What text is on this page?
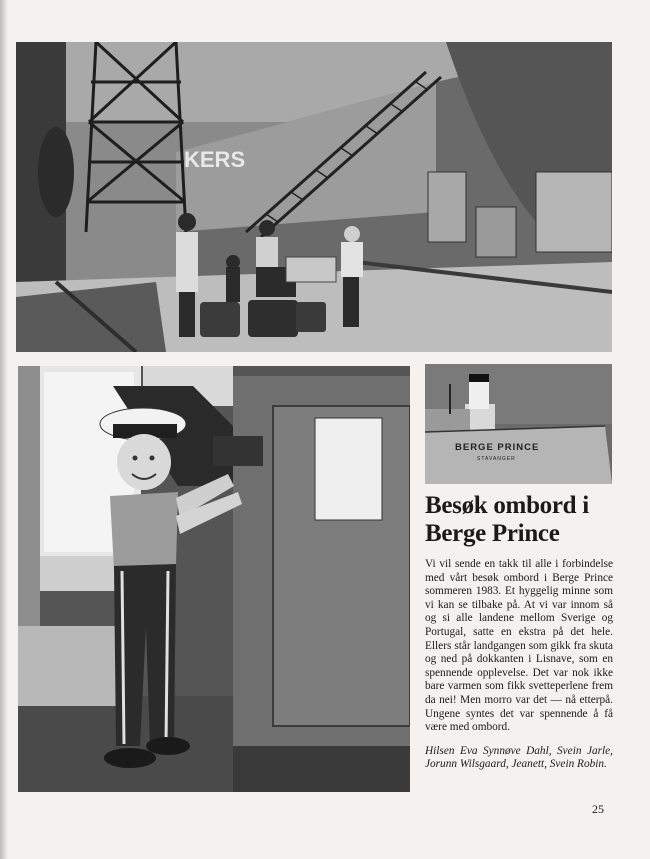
KERS
BERGE PRINCE
STAVANGER
Besøk ombord i
Berge Prince

Vi vil sende en takk til alle i forbindelse med vårt besøk ombord i Berge Prince sommeren 1983. Et hyggelig minne som vi kan se tilbake på. At vi var innom så og si alle landene mellom Sverige og Portugal, satte en ekstra på det hele. Ellers står landgangen som gikk fra skuta og ned på dokkanten i Lisnave, som en spennende opplevelse. Det var nok ikke bare varmen som fikk svetteperlene frem da nei! Men morro var det — nå etterpå. Ungene syntes det var spennende å få være med ombord.

Hilsen Eva Synnøve Dahl, Svein Jarle, Jorunn Wilsgaard, Jeanett, Svein Robin.

25
